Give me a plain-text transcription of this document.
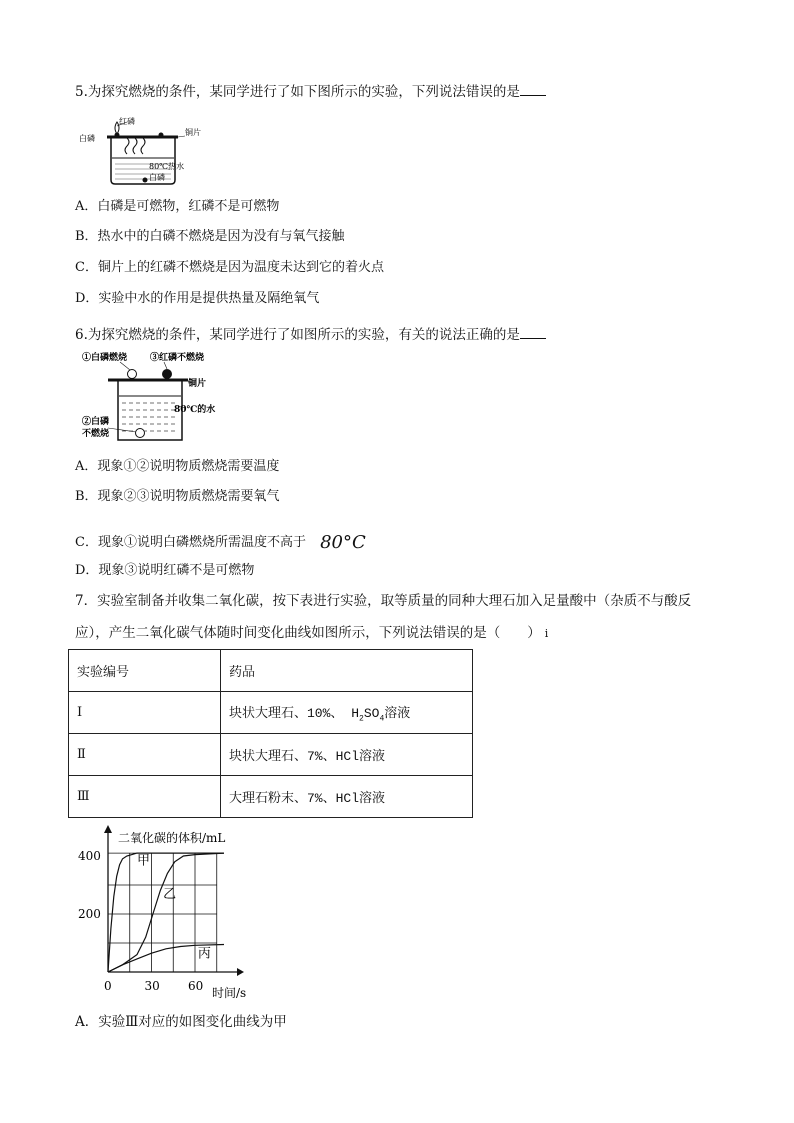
5.为探究燃烧的条件，某同学进行了如下图所示的实验，下列说法错误的是
红磷
白磷
铜片
80℃热水
白磷
A．白磷是可燃物，红磷不是可燃物
B．热水中的白磷不燃烧是因为没有与氧气接触
C．铜片上的红磷不燃烧是因为温度未达到它的着火点
D．实验中水的作用是提供热量及隔绝氧气
6.为探究燃烧的条件，某同学进行了如图所示的实验，有关的说法正确的是
①白磷燃烧	③红磷不燃烧
铜片
80℃的水
②白磷
不燃烧
A．现象①②说明物质燃烧需要温度
B．现象②③说明物质燃烧需要氧气
C．现象①说明白磷燃烧所需温度不高于 80°C
D．现象③说明红磷不是可燃物
7．实验室制备并收集二氧化碳，按下表进行实验，取等质量的同种大理石加入足量酸中（杂质不与酸反
应），产生二氧化碳气体随时间变化曲线如图所示，下列说法错误的是（　　） i
实验编号	药品
Ⅰ	块状大理石、10%、 $H_2SO_4$溶液
Ⅱ	块状大理石、7%、HCl溶液
Ⅲ	大理石粉末、7%、HCl溶液
甲
乙
丙
0	30 60
400
200
二氧化碳的体积/mL
时间/s
A．实验Ⅲ对应的如图变化曲线为甲
